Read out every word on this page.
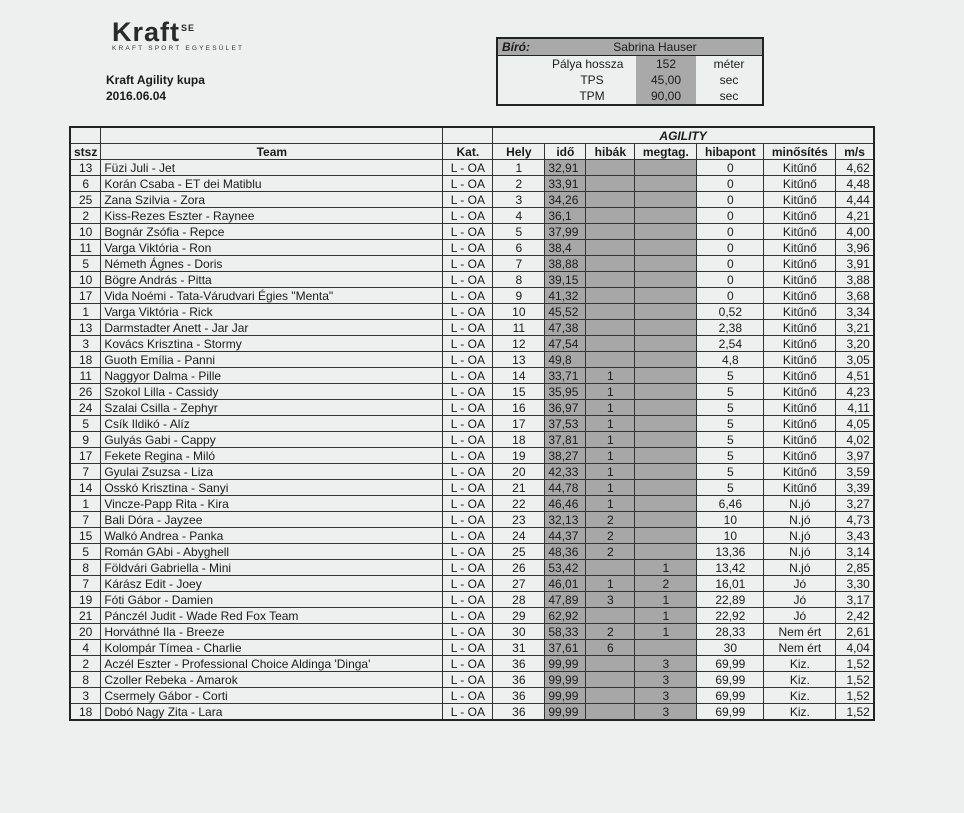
Kraft$^{SE}$
KRAFT SPORT EGYESÜLET
Kraft Agility kupa
2016.06.04
Bíró:	Sabrina Hauser		
	Pálya hossza	152	méter
	TPS	45,00	sec
	TPM	90,00	sec
			AGILITY						
stsz	Team	Kat.	Hely	idő	hibák	megtag.	hibapont	minősítés	m/s
13	Füzi Juli - Jet	L - OA	1	32,91			0	Kitűnő	4,62
6	Korán Csaba - ET dei Matiblu	L - OA	2	33,91			0	Kitűnő	4,48
25	Zana Szilvia - Zora	L - OA	3	34,26			0	Kitűnő	4,44
2	Kiss-Rezes Eszter - Raynee	L - OA	4	36,1			0	Kitűnő	4,21
10	Bognár Zsófia - Repce	L - OA	5	37,99			0	Kitűnő	4,00
11	Varga Viktória - Ron	L - OA	6	38,4			0	Kitűnő	3,96
5	Németh Ágnes - Doris	L - OA	7	38,88			0	Kitűnő	3,91
10	Bögre András - Pitta	L - OA	8	39,15			0	Kitűnő	3,88
17	Vida Noémi - Tata-Várudvari Égies "Menta"	L - OA	9	41,32			0	Kitűnő	3,68
1	Varga Viktória - Rick	L - OA	10	45,52			0,52	Kitűnő	3,34
13	Darmstadter Anett - Jar Jar	L - OA	11	47,38			2,38	Kitűnő	3,21
3	Kovács Krisztina - Stormy	L - OA	12	47,54			2,54	Kitűnő	3,20
18	Guoth Emília - Panni	L - OA	13	49,8			4,8	Kitűnő	3,05
11	Naggyor Dalma - Pille	L - OA	14	33,71	1		5	Kitűnő	4,51
26	Szokol Lilla - Cassidy	L - OA	15	35,95	1		5	Kitűnő	4,23
24	Szalai Csilla - Zephyr	L - OA	16	36,97	1		5	Kitűnő	4,11
5	Csík Ildikó - Alíz	L - OA	17	37,53	1		5	Kitűnő	4,05
9	Gulyás Gabi - Cappy	L - OA	18	37,81	1		5	Kitűnő	4,02
17	Fekete Regina - Miló	L - OA	19	38,27	1		5	Kitűnő	3,97
7	Gyulai Zsuzsa - Liza	L - OA	20	42,33	1		5	Kitűnő	3,59
14	Osskó Krisztina - Sanyi	L - OA	21	44,78	1		5	Kitűnő	3,39
1	Vincze-Papp Rita - Kira	L - OA	22	46,46	1		6,46	N.jó	3,27
7	Bali Dóra - Jayzee	L - OA	23	32,13	2		10	N.jó	4,73
15	Walkó Andrea - Panka	L - OA	24	44,37	2		10	N.jó	3,43
5	Román GAbi - Abyghell	L - OA	25	48,36	2		13,36	N.jó	3,14
8	Földvári Gabriella - Mini	L - OA	26	53,42		1	13,42	N.jó	2,85
7	Kárász Edit - Joey	L - OA	27	46,01	1	2	16,01	Jó	3,30
19	Fóti Gábor - Damien	L - OA	28	47,89	3	1	22,89	Jó	3,17
21	Pánczél Judit - Wade Red Fox Team	L - OA	29	62,92		1	22,92	Jó	2,42
20	Horváthné Ila - Breeze	L - OA	30	58,33	2	1	28,33	Nem ért	2,61
4	Kolompár Tímea - Charlie	L - OA	31	37,61	6		30	Nem ért	4,04
2	Aczél Eszter - Professional Choice Aldinga 'Dinga'	L - OA	36	99,99		3	69,99	Kiz.	1,52
8	Czoller Rebeka - Amarok	L - OA	36	99,99		3	69,99	Kiz.	1,52
3	Csermely Gábor - Corti	L - OA	36	99,99		3	69,99	Kiz.	1,52
18	Dobó Nagy Zita - Lara	L - OA	36	99,99		3	69,99	Kiz.	1,52
